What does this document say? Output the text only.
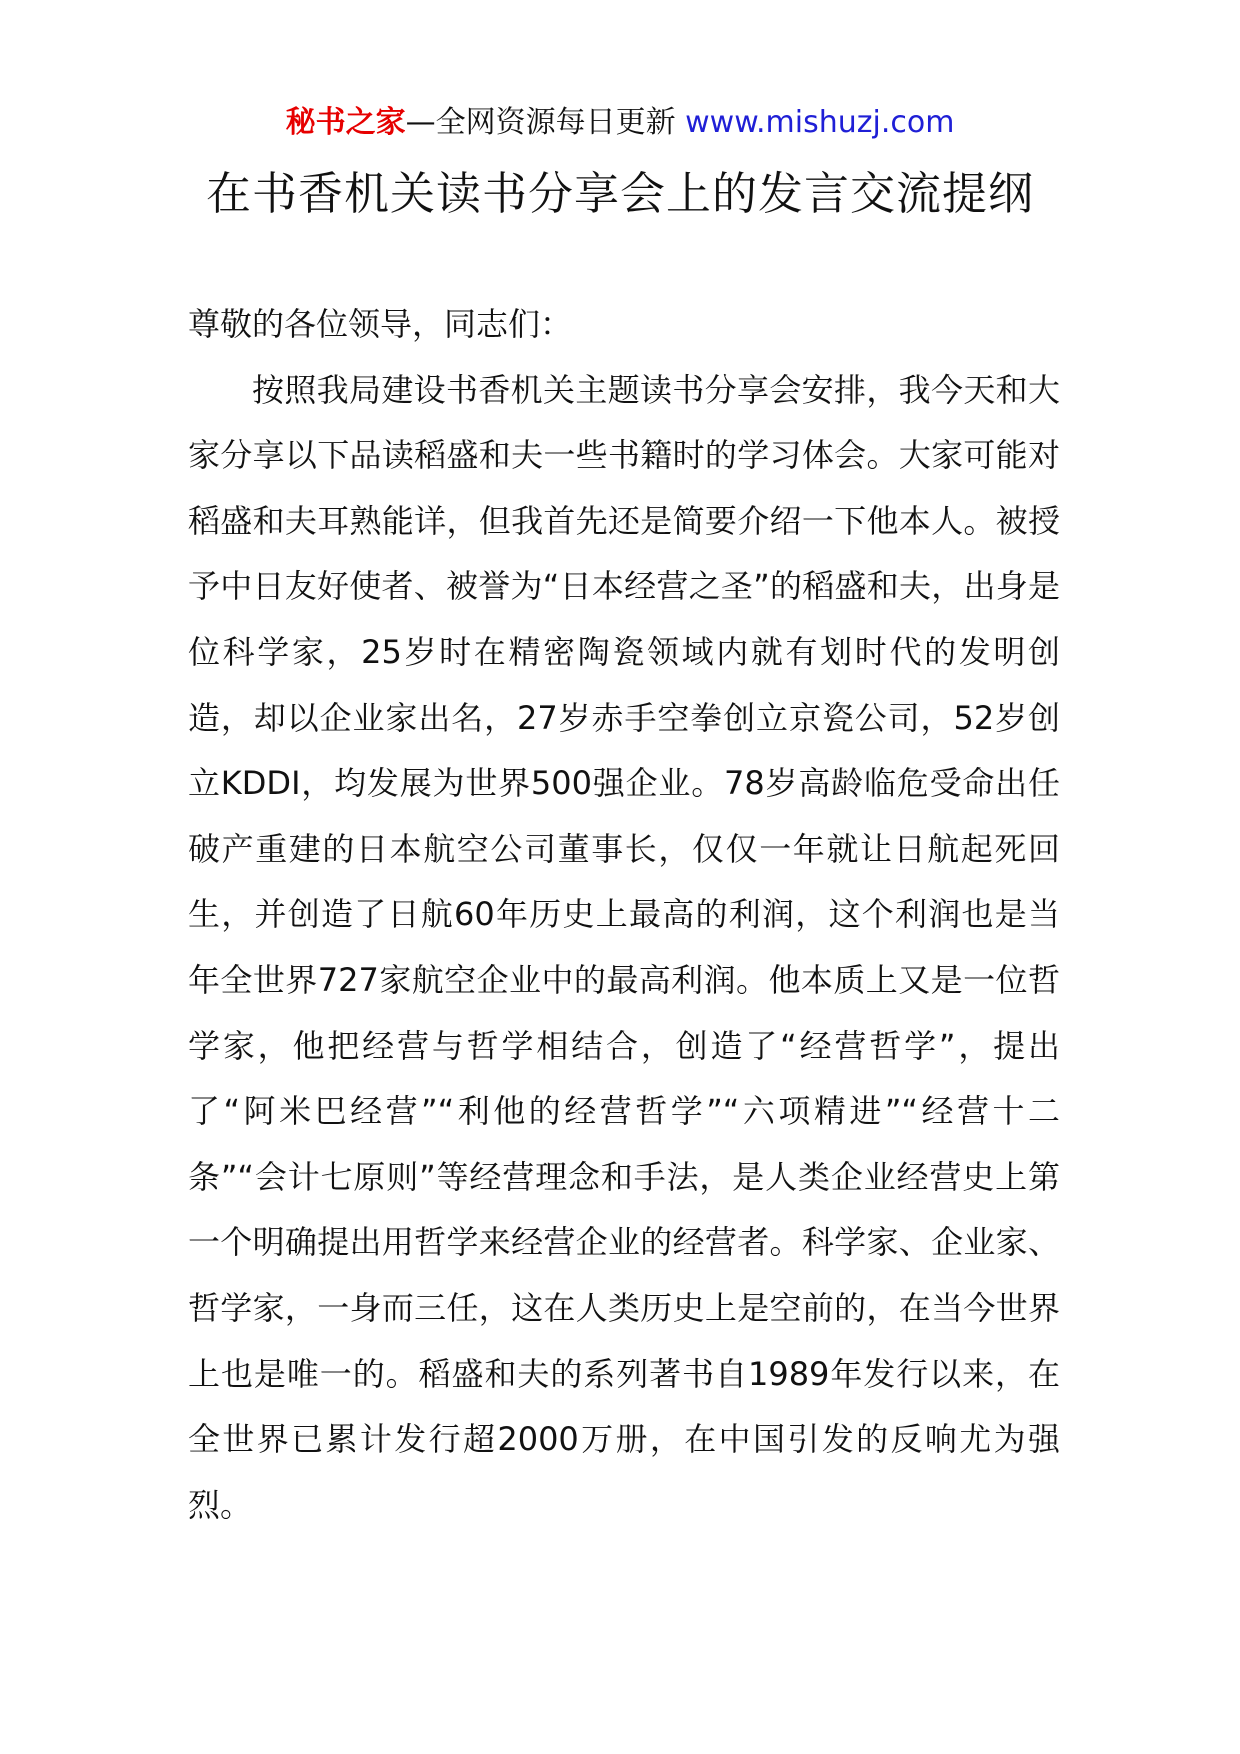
秘书之家—全网资源每日更新 www.mishuzj.com
在书香机关读书分享会上的发言交流提纲

尊敬的各位领导，同志们：

按照我局建设书香机关主题读书分享会安排，我今天和大家分享以下品读稻盛和夫一些书籍时的学习体会。大家可能对稻盛和夫耳熟能详，但我首先还是简要介绍一下他本人。被授予中日友好使者、被誉为“日本经营之圣”的稻盛和夫，出身是位科学家，25岁时在精密陶瓷领域内就有划时代的发明创造，却以企业家出名，27岁赤手空拳创立京瓷公司，52岁创立KDDI，均发展为世界500强企业。78岁高龄临危受命出任破产重建的日本航空公司董事长，仅仅一年就让日航起死回生，并创造了日航60年历史上最高的利润，这个利润也是当年全世界727家航空企业中的最高利润。他本质上又是一位哲学家，他把经营与哲学相结合，创造了“经营哲学”，提出了“阿米巴经营”“利他的经营哲学”“六项精进”“经营十二条”“会计七原则”等经营理念和手法，是人类企业经营史上第一个明确提出用哲学来经营企业的经营者。科学家、企业家、哲学家，一身而三任，这在人类历史上是空前的，在当今世界上也是唯一的。稻盛和夫的系列著书自1989年发行以来，在全世界已累计发行超2000万册，在中国引发的反响尤为强烈。
